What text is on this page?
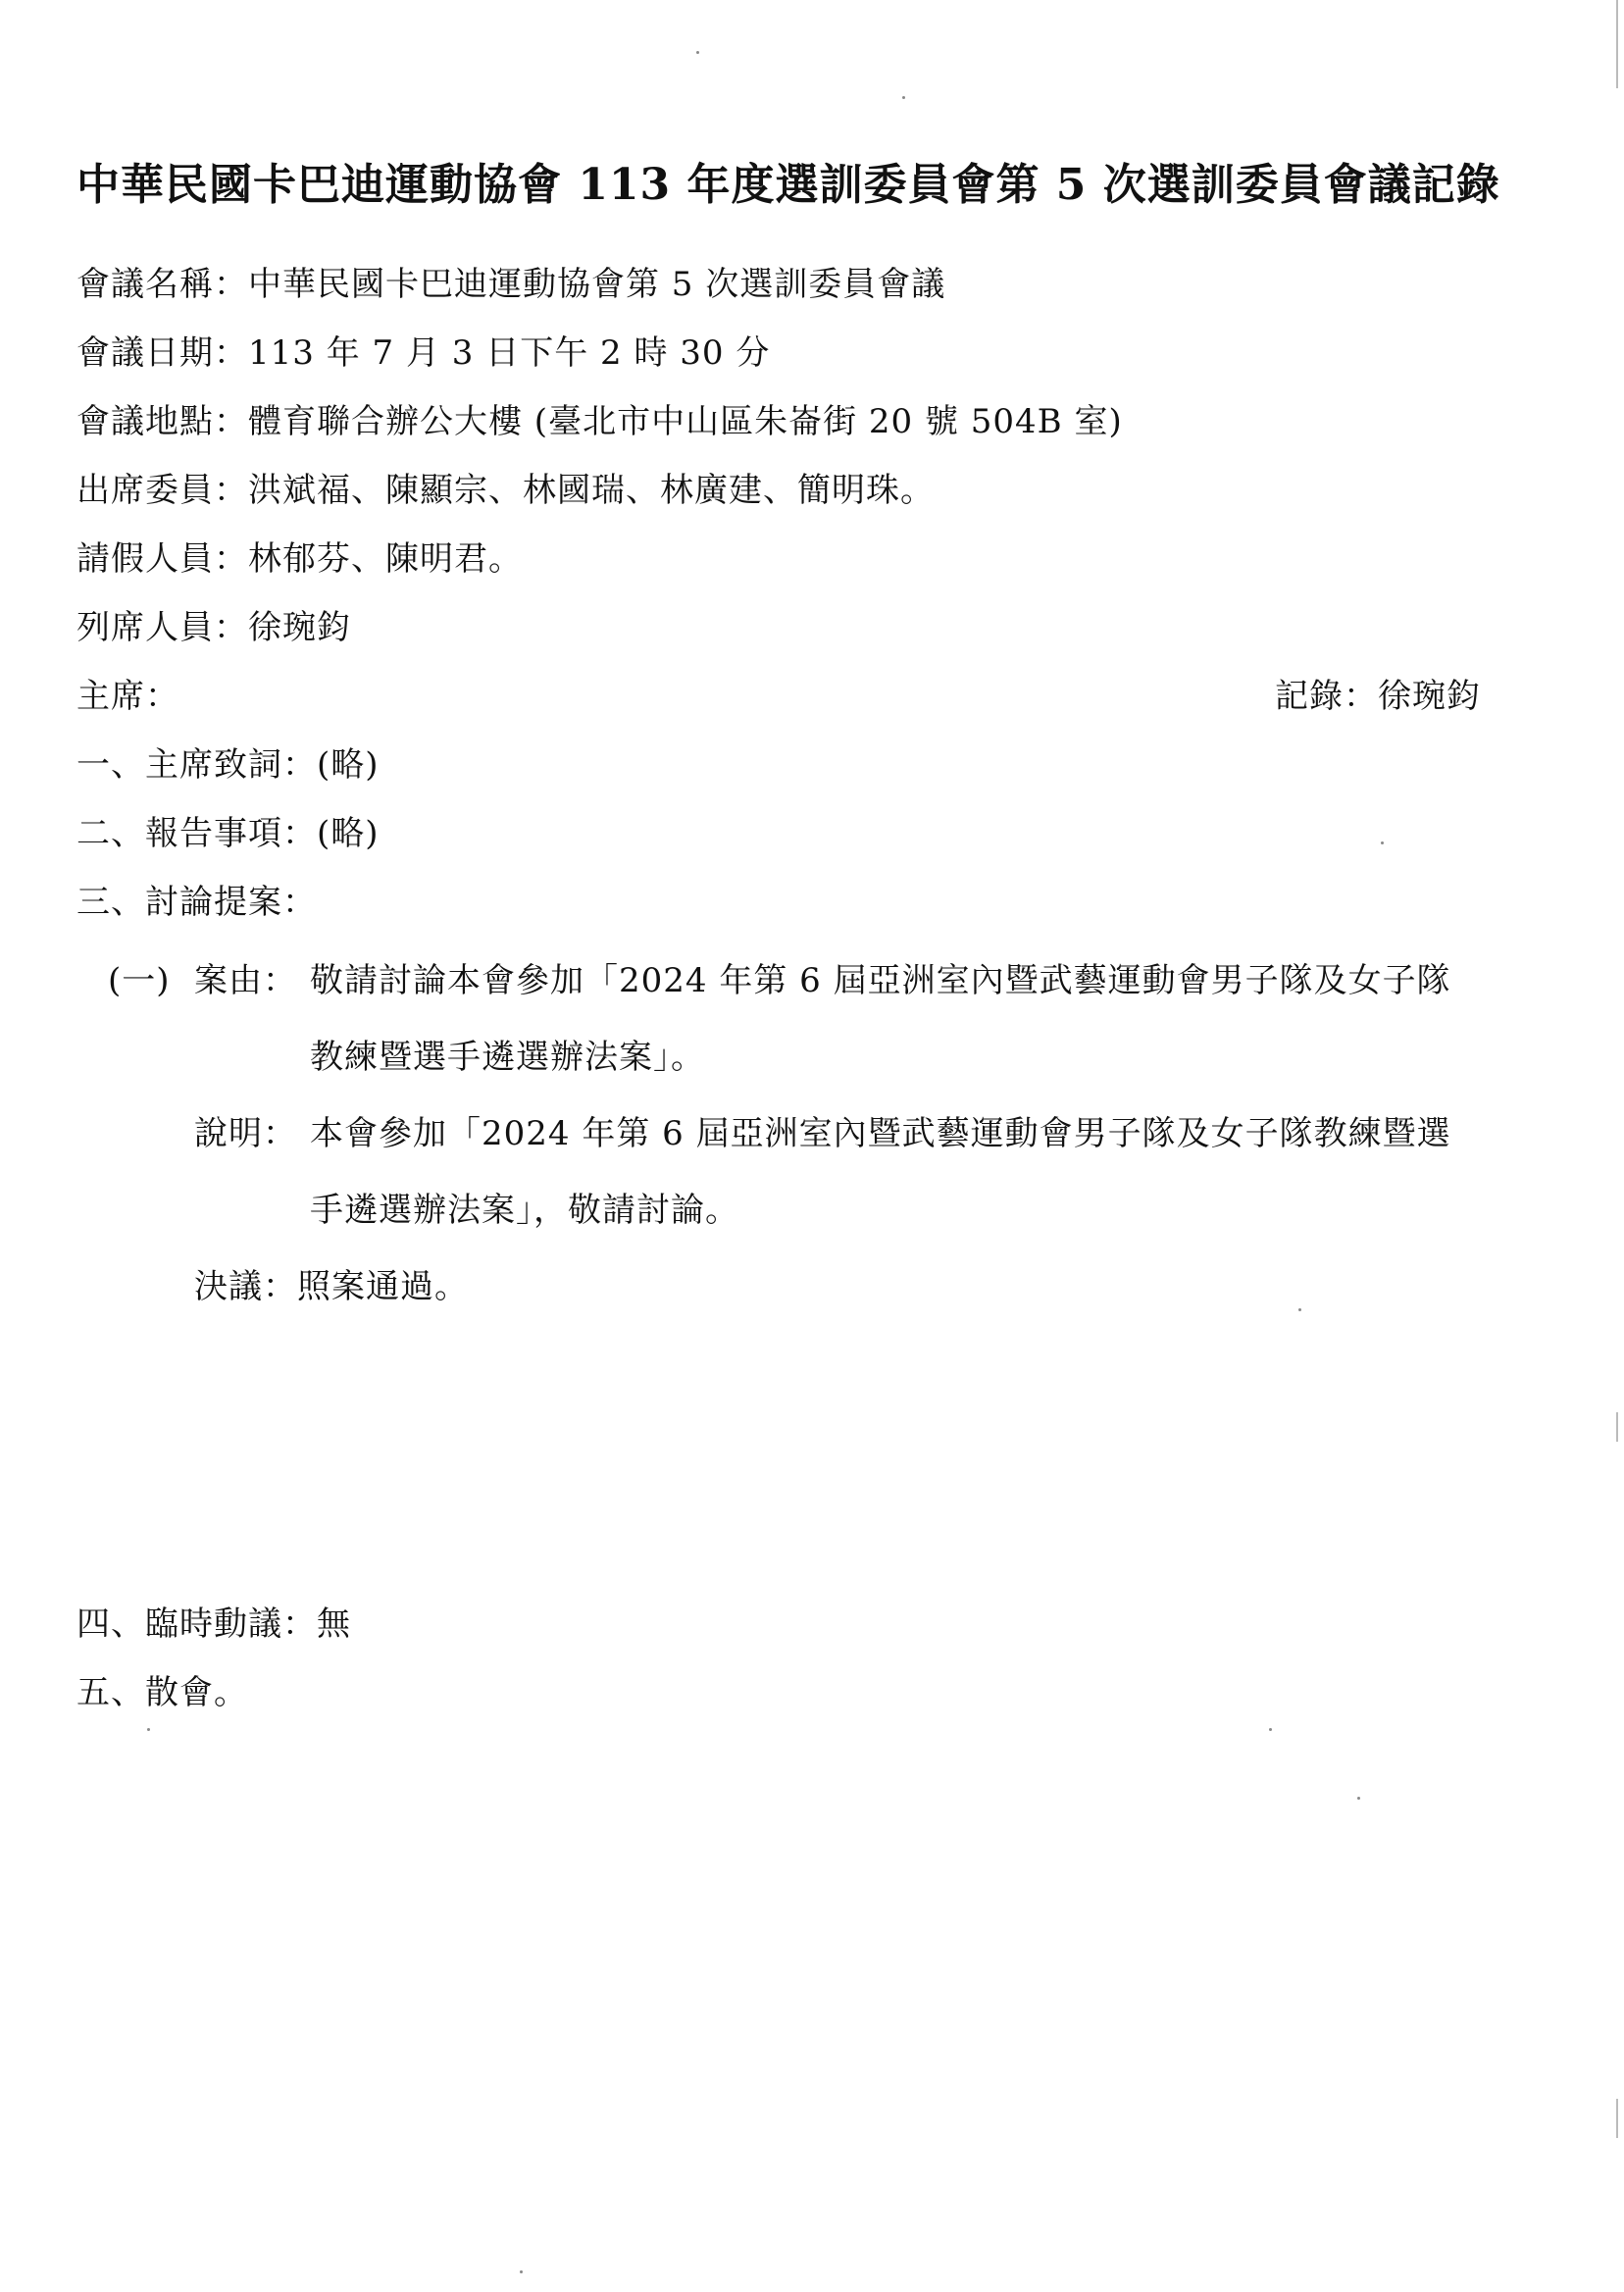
中華民國卡巴迪運動協會 113 年度選訓委員會第 5 次選訓委員會議記錄
會議名稱：中華民國卡巴迪運動協會第 5 次選訓委員會議
會議日期：113 年 7 月 3 日下午 2 時 30 分
會議地點：體育聯合辦公大樓 (臺北市中山區朱崙街 20 號 504B 室)
出席委員：洪斌福、陳顯宗、林國瑞、林廣建、簡明珠。
請假人員：林郁芬、陳明君。
列席人員：徐琬鈞
主席：	記錄：徐琬鈞
一、主席致詞：(略)
二、報告事項：(略)
三、討論提案：
(一) 案由： 敬請討論本會參加「2024 年第 6 屆亞洲室內暨武藝運動會男子隊及女子隊
教練暨選手遴選辦法案」。
說明： 本會參加「2024 年第 6 屆亞洲室內暨武藝運動會男子隊及女子隊教練暨選
手遴選辦法案」，敬請討論。
決議：照案通過。
四、臨時動議：無
五、散會。
